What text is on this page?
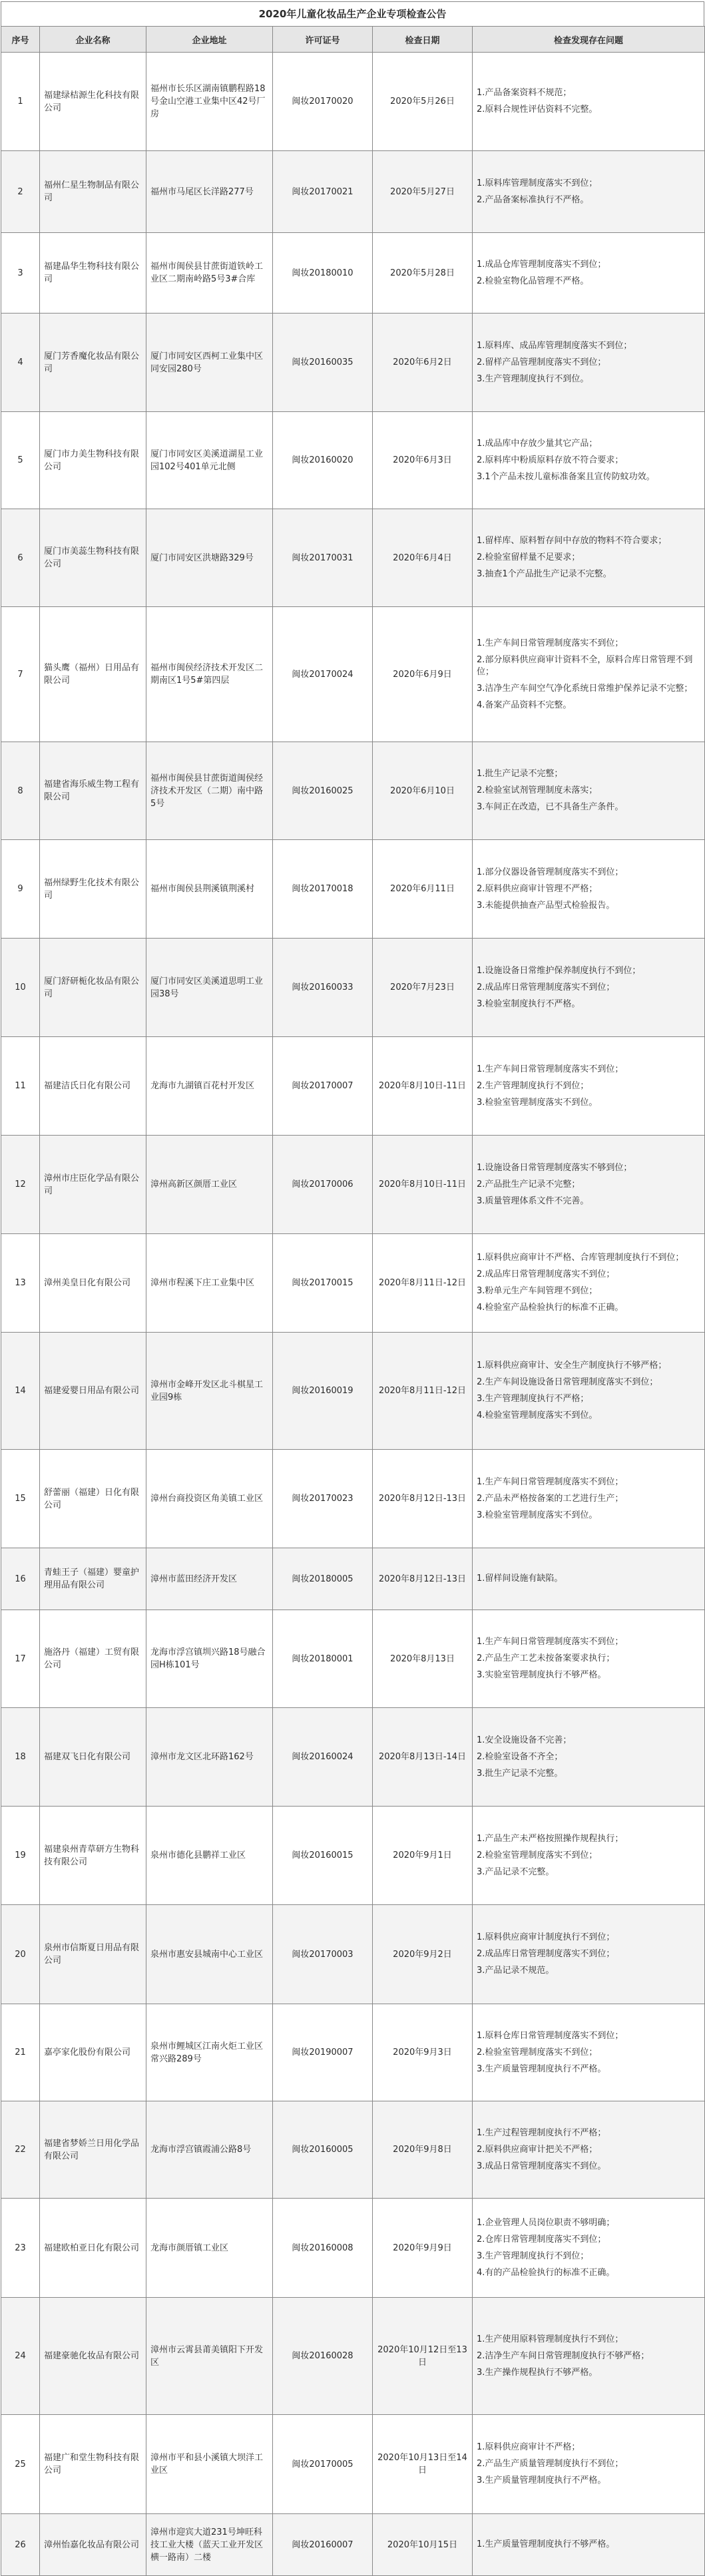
2020年儿童化妆品生产企业专项检查公告
序号	企业名称	企业地址	许可证号	检查日期	检查发现存在问题
1	福建绿桔源生化科技有限公司	福州市长乐区湖南镇鹏程路18号金山空港工业集中区42号厂房	闽妆20170020	2020年5月26日	1.产品备案资料不规范；

2.原料合规性评估资料不完整。

2	福州仁星生物制品有限公司	福州市马尾区长洋路277号	闽妆20170021	2020年5月27日	1.原料库管理制度落实不到位；

2.产品备案标准执行不严格。

3	福建晶华生物科技有限公司	福州市闽侯县甘蔗街道铁岭工业区二期南岭路5号3#合库	闽妆20180010	2020年5月28日	1.成品仓库管理制度落实不到位；

2.检验室物化品管理不严格。

4	厦门芳香魔化妆品有限公司	厦门市同安区西柯工业集中区同安园280号	闽妆20160035	2020年6月2日	1.原料库、成品库管理制度落实不到位；

2.留样产品管理制度落实不到位；

3.生产管理制度执行不到位。

5	厦门市力美生物科技有限公司	厦门市同安区美溪道湖星工业园102号401单元北侧	闽妆20160020	2020年6月3日	1.成品库中存放少量其它产品；

2.原料库中粉质原料存放不符合要求；

3.1个产品未按儿童标准备案且宣传防蚊功效。

6	厦门市美蕊生物科技有限公司	厦门市同安区洪塘路329号	闽妆20170031	2020年6月4日	1.留样库、原料暂存间中存放的物料不符合要求；

2.检验室留样量不足要求；

3.抽查1个产品批生产记录不完整。

7	猫头鹰（福州）日用品有限公司	福州市闽侯经济技术开发区二期南区1号5#第四层	闽妆20170024	2020年6月9日	1.生产车间日常管理制度落实不到位；

2.部分原料供应商审计资料不全，原料合库日常管理不到位；

3.洁净生产车间空气净化系统日常维护保养记录不完整；

4.备案产品资料不完整。

8	福建省海乐威生物工程有限公司	福州市闽侯县甘蔗街道闽侯经济技术开发区（二期）南中路5号	闽妆20160025	2020年6月10日	1.批生产记录不完整；

2.检验室试剂管理制度未落实；

3.车间正在改造，已不具备生产条件。

9	福州绿野生化技术有限公司	福州市闽侯县荆溪镇荆溪村	闽妆20170018	2020年6月11日	1.部分仪器设备管理制度落实不到位；

2.原料供应商审计管理不严格；

3.未能提供抽查产品型式检验报告。

10	厦门舒研栀化妆品有限公司	厦门市同安区美溪道思明工业园38号	闽妆20160033	2020年7月23日	1.设施设备日常维护保养制度执行不到位；

2.成品库日常管理制度落实不到位；

3.检验室制度执行不严格。

11	福建洁氏日化有限公司	龙海市九湖镇百花村开发区	闽妆20170007	2020年8月10日-11日	1.生产车间日常管理制度落实不到位；

2.生产管理制度执行不到位；

3.检验室管理制度落实不到位。

12	漳州市庄臣化学品有限公司	漳州高新区颜厝工业区	闽妆20170006	2020年8月10日-11日	1.设施设备日常管理制度落实不够到位；

2.产品批生产记录不完整；

3.质量管理体系文件不完善。

13	漳州美皇日化有限公司	漳州市程溪下庄工业集中区	闽妆20170015	2020年8月11日-12日	1.原料供应商审计不严格、合库管理制度执行不到位；

2.成品库日常管理制度落实不到位；

3.粉单元生产车间管理不到位；

4.检验室产品检验执行的标准不正确。

14	福建爱婴日用品有限公司	漳州市金峰开发区北斗棋星工业园9栋	闽妆20160019	2020年8月11日-12日	1.原料供应商审计、安全生产制度执行不够严格；

2.生产车间设施设备日常管理制度落实不到位；

3.生产管理制度执行不严格；

4.检验室管理制度落实不到位。

15	舒蕾丽（福建）日化有限公司	漳州台商投资区角美镇工业区	闽妆20170023	2020年8月12日-13日	1.生产车间日常管理制度落实不到位；

2.产品未严格按备案的工艺进行生产；

3.检验室管理制度落实不到位。

16	青蛙王子（福建）婴童护理用品有限公司	漳州市蓝田经济开发区	闽妆20180005	2020年8月12日-13日	1.留样间设施有缺陷。

17	施洛丹（福建）工贸有限公司	龙海市浮宫镇圳兴路18号融合园H栋101号	闽妆20180001	2020年8月13日	1.生产车间日常管理制度落实不到位；

2.产品生产工艺未按备案要求执行；

3.实验室管理制度执行不够严格。

18	福建双飞日化有限公司	漳州市龙文区北环路162号	闽妆20160024	2020年8月13日-14日	1.安全设施设备不完善；

2.检验室设备不齐全；

3.批生产记录不完整。

19	福建泉州青草研方生物科技有限公司	泉州市德化县鹏祥工业区	闽妆20160015	2020年9月1日	1.产品生产未严格按照操作规程执行；

2.检验室管理制度落实不到位；

3.产品记录不完整。

20	泉州市信斯夏日用品有限公司	泉州市惠安县城南中心工业区	闽妆20170003	2020年9月2日	1.原料供应商审计制度执行不到位；

2.成品库日常管理制度落实不到位；

3.产品记录不规范。

21	嘉亭家化股份有限公司	泉州市鲤城区江南火炬工业区常兴路289号	闽妆20190007	2020年9月3日	1.原料仓库日常管理制度落实不到位；

2.检验室管理制度落实不到位；

3.生产质量管理制度执行不严格。

22	福建省梦娇兰日用化学品有限公司	龙海市浮宫镇霞浦公路8号	闽妆20160005	2020年9月8日	1.生产过程管理制度执行不严格；

2.原料供应商审计把关不严格；

3.成品日常管理制度落实不到位。

23	福建欧柏亚日化有限公司	龙海市颜厝镇工业区	闽妆20160008	2020年9月9日	1.企业管理人员岗位职责不够明确；

2.仓库日常管理制度落实不到位；

3.生产管理制度执行不到位；

4.有的产品检验执行的标准不正确。

24	福建豪驰化妆品有限公司	漳州市云霄县莆美镇阳下开发区	闽妆20160028	2020年10月12日至13日	1.生产使用原料管理制度执行不到位；

2.洁净生产车间日常管理制度执行不够严格；

3.生产操作规程执行不够严格。

25	福建广和堂生物科技有限公司	漳州市平和县小溪镇大坝洋工业区	闽妆20170005	2020年10月13日至14日	1.原料供应商审计不严格；

2.产品生产质量管理制度执行不到位；

3.生产质量管理制度执行不严格。

26	漳州怡嘉化妆品有限公司	漳州市迎宾大道231号坤旺科技工业大楼（蓝天工业开发区横一路南）二楼	闽妆20160007	2020年10月15日	1.生产质量管理制度执行不够严格。
